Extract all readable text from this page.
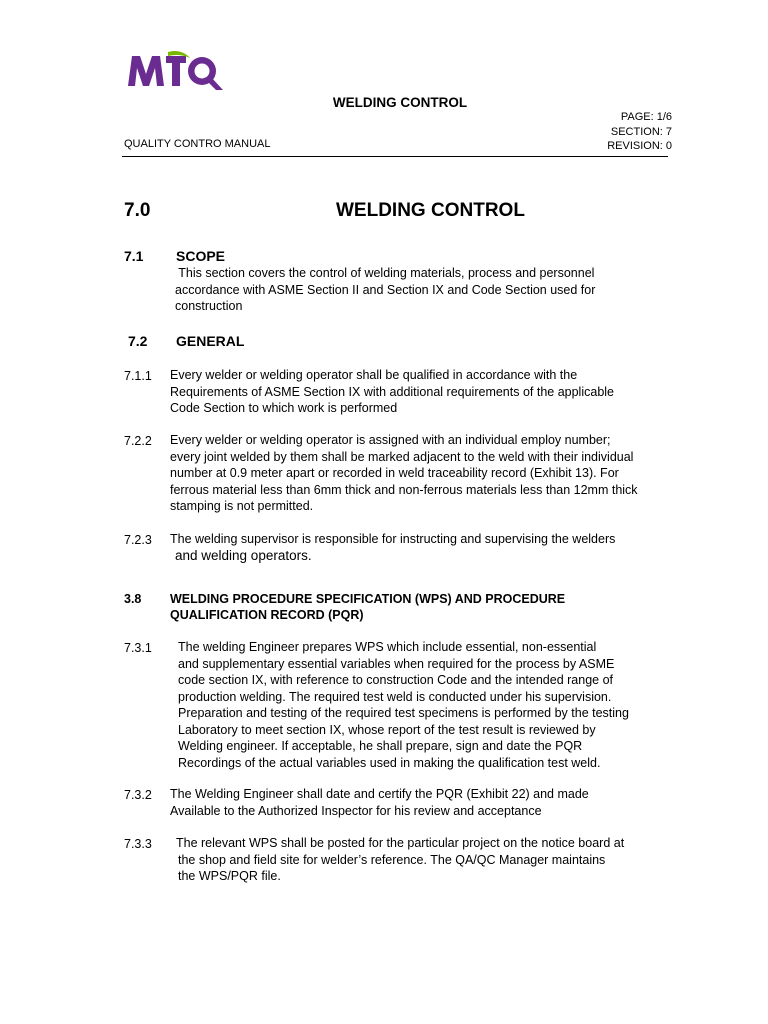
WELDING CONTROL
PAGE: 1/6
SECTION: 7
REVISION: 0
QUALITY CONTRO MANUAL
7.0	WELDING CONTROL
7.1 SCOPE
This section covers the control of welding materials, process and personnel
accordance with ASME Section II and Section IX and Code Section used for
construction
7.2 GENERAL
7.1.1 Every welder or welding operator shall be qualified in accordance with the
Requirements of ASME Section IX with additional requirements of the applicable
Code Section to which work is performed
7.2.2 Every welder or welding operator is assigned with an individual employ number;
every joint welded by them shall be marked adjacent to the weld with their individual
number at 0.9 meter apart or recorded in weld traceability record (Exhibit 13). For
ferrous material less than 6mm thick and non-ferrous materials less than 12mm thick
stamping is not permitted.
7.2.3 The welding supervisor is responsible for instructing and supervising the welders
and welding operators.
3.8 WELDING PROCEDURE SPECIFICATION (WPS) AND PROCEDURE
QUALIFICATION RECORD (PQR)
7.3.1 The welding Engineer prepares WPS which include essential, non-essential
and supplementary essential variables when required for the process by ASME
code section IX, with reference to construction Code and the intended range of
production welding. The required test weld is conducted under his supervision.
Preparation and testing of the required test specimens is performed by the testing
Laboratory to meet section IX, whose report of the test result is reviewed by
Welding engineer. If acceptable, he shall prepare, sign and date the PQR
Recordings of the actual variables used in making the qualification test weld.
7.3.2 The Welding Engineer shall date and certify the PQR (Exhibit 22) and made
Available to the Authorized Inspector for his review and acceptance
7.3.3 The relevant WPS shall be posted for the particular project on the notice board at
the shop and field site for welder’s reference. The QA/QC Manager maintains
the WPS/PQR file.
